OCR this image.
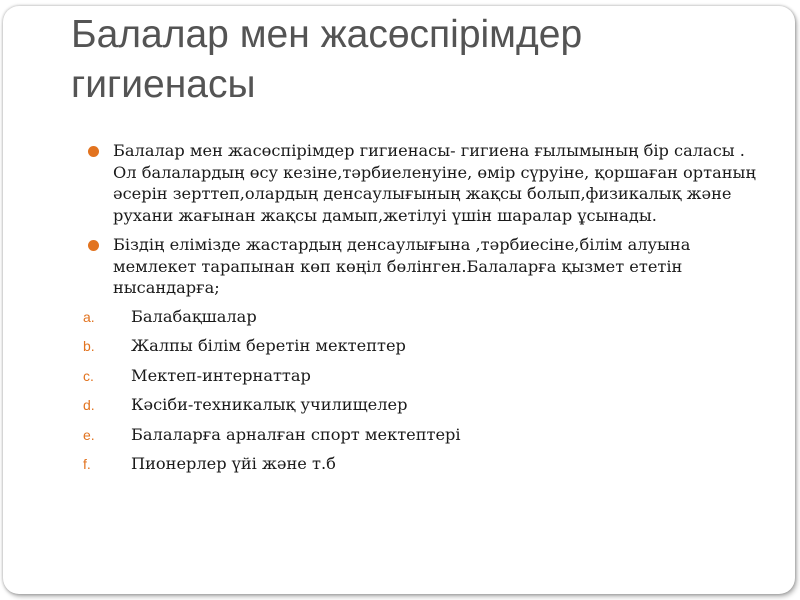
Балалар мен жасөспірімдер
гигиенасы
Балалар мен жасөспірімдер гигиенасы- гигиена ғылымының бір саласы . Ол балалардың өсу кезіне,тәрбиеленуіне, өмір сүруіне, қоршаған ортаның әсерін зерттеп,олардың денсаулығының жақсы болып,физикалық және рухани жағынан жақсы дамып,жетілуі үшін шаралар ұсынады.
Біздің елімізде жастардың денсаулығына ,тәрбиесіне,білім алуына мемлекет тарапынан көп көңіл бөлінген.Балаларға қызмет ететін нысандарға;
a. Балабақшалар
b. Жалпы білім беретін мектептер
c. Мектеп-интернаттар
d. Кәсіби-техникалық училищелер
e. Балаларға арналған спорт мектептері
f. Пионерлер үйі және т.б
